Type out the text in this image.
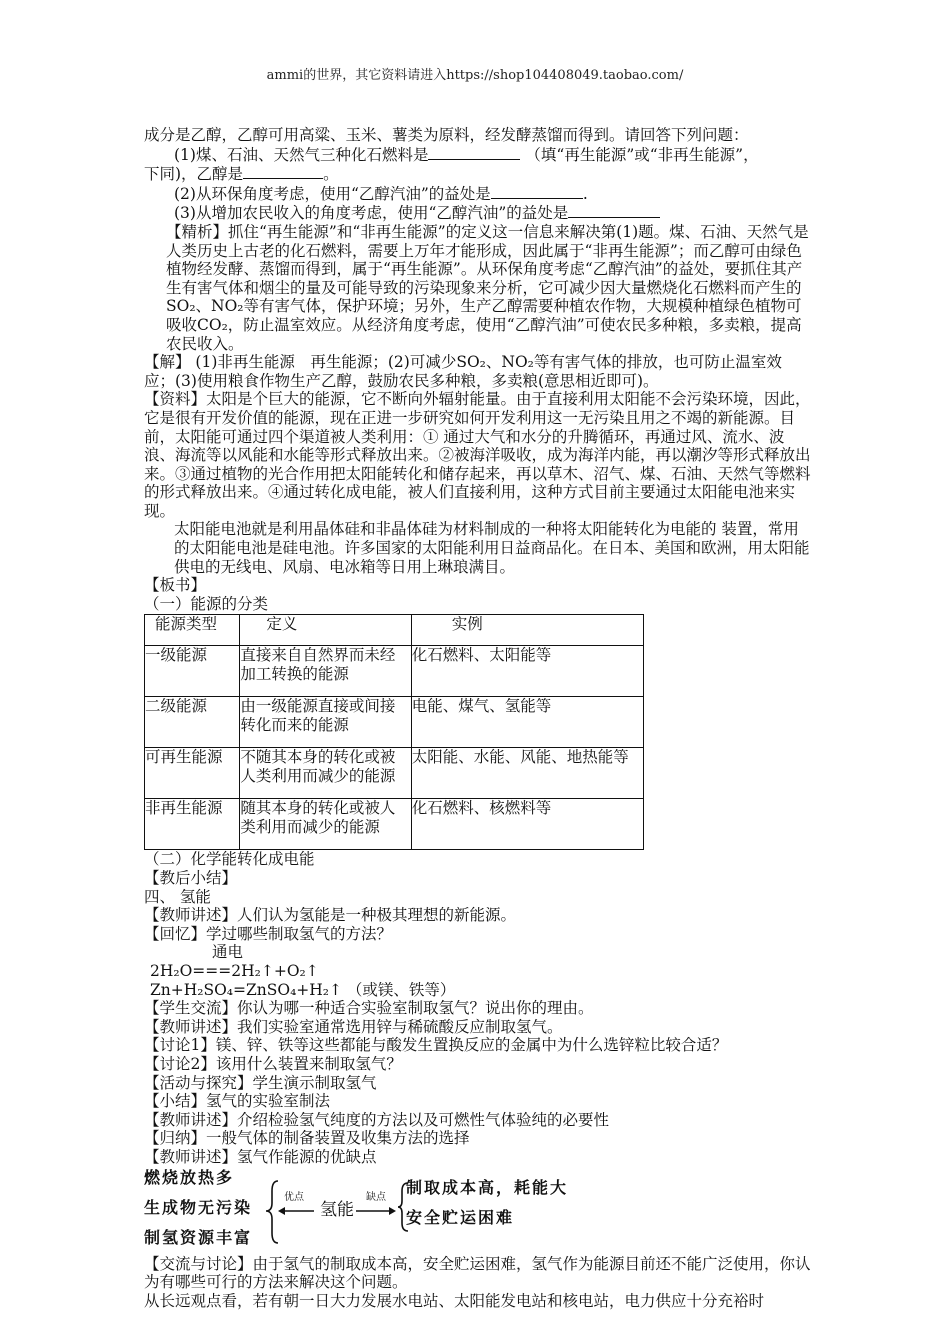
ammi的世界，其它资料请进入https://shop104408049.taobao.com/

成分是乙醇，乙醇可用高粱、玉米、薯类为原料，经发酵蒸馏而得到。请回答下列问题：

(1)煤、石油、天然气三种化石燃料是	（填“再生能源”或“非再生能源”，

下同)，乙醇是	。

(2)从环保角度考虑，使用“乙醇汽油”的益处是	.

(3)从增加农民收入的角度考虑，使用“乙醇汽油”的益处是

【精析】抓住“再生能源”和“非再生能源”的定义这一信息来解决第(1)题。煤、石油、天然气是人类历史上古老的化石燃料，需要上万年才能形成，因此属于“非再生能源”；而乙醇可由绿色植物经发酵、蒸馏而得到，属于“再生能源”。从环保角度考虑“乙醇汽油”的益处，要抓住其产生有害气体和烟尘的量及可能导致的污染现象来分析，它可减少因大量燃烧化石燃料而产生的SO₂、NO₂等有害气体，保护环境；另外，生产乙醇需要种植农作物，大规模种植绿色植物可吸收CO₂，防止温室效应。从经济角度考虑，使用“乙醇汽油”可使农民多种粮，多卖粮，提高农民收入。

【解】 (1)非再生能源　再生能源；(2)可减少SO₂、NO₂等有害气体的排放，也可防止温室效应；(3)使用粮食作物生产乙醇，鼓励农民多种粮，多卖粮(意思相近即可)。

【资料】太阳是个巨大的能源，它不断向外辐射能量。由于直接利用太阳能不会污染环境，因此，它是很有开发价值的能源，现在正进一步研究如何开发利用这一无污染且用之不竭的新能源。目前，太阳能可通过四个渠道被人类利用：① 通过大气和水分的升腾循环，再通过风、流水、波浪、海流等以风能和水能等形式释放出来。②被海洋吸收，成为海洋内能，再以潮汐等形式释放出来。③通过植物的光合作用把太阳能转化和储存起来，再以草木、沼气、煤、石油、天然气等燃料的形式释放出来。④通过转化成电能，被人们直接利用，这种方式目前主要通过太阳能电池来实现。

太阳能电池就是利用晶体硅和非晶体硅为材料制成的一种将太阳能转化为电能的 装置，常用的太阳能电池是硅电池。许多国家的太阳能利用日益商品化。在日本、美国和欧洲，用太阳能供电的无线电、风扇、电冰箱等日用上琳琅满目。

【板书】

（一）能源的分类

能源类型	定义	实例
一级能源	直接来自自然界而未经加工转换的能源	化石燃料、太阳能等
二级能源	由一级能源直接或间接转化而来的能源	电能、煤气、氢能等
可再生能源	不随其本身的转化或被人类利用而减少的能源	太阳能、水能、风能、地热能等
非再生能源	随其本身的转化或被人类利用而减少的能源	化石燃料、核燃料等

（二）化学能转化成电能

【教后小结】

四、 氢能

【教师讲述】人们认为氢能是一种极其理想的新能源。

【回忆】学过哪些制取氢气的方法？

通电

2H₂O===2H₂↑+O₂↑

Zn+H₂SO₄=ZnSO₄+H₂↑ （或镁、铁等）

【学生交流】你认为哪一种适合实验室制取氢气？说出你的理由。

【教师讲述】我们实验室通常选用锌与稀硫酸反应制取氢气。

【讨论1】镁、锌、铁等这些都能与酸发生置换反应的金属中为什么选锌粒比较合适？

【讨论2】该用什么装置来制取氢气？

【活动与探究】学生演示制取氢气

【小结】氢气的实验室制法

【教师讲述】介绍检验氢气纯度的方法以及可燃性气体验纯的必要性

【归纳】一般气体的制备装置及收集方法的选择

【教师讲述】氢气作能源的优缺点

燃烧放热多
生成物无污染
制氢资源丰富
优点
氢能
缺点
制取成本高，耗能大
安全贮运困难

【交流与讨论】由于氢气的制取成本高，安全贮运困难，氢气作为能源目前还不能广泛使用，你认为有哪些可行的方法来解决这个问题。

从长远观点看，若有朝一日大力发展水电站、太阳能发电站和核电站，电力供应十分充裕时
